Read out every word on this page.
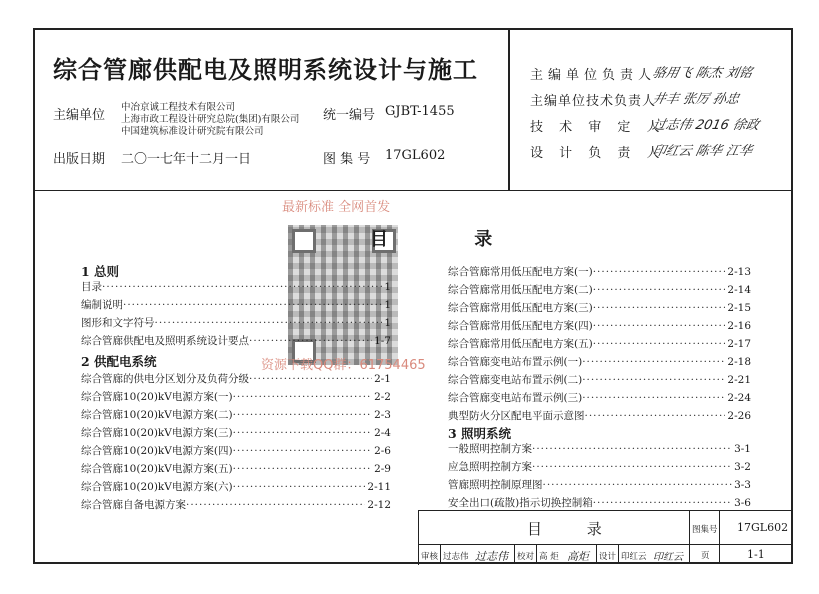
综合管廊供配电及照明系统设计与施工
主编单位
中冶京诚工程技术有限公司
上海市政工程设计研究总院(集团)有限公司
中国建筑标准设计研究院有限公司
出版日期 二〇一七年十二月一日
统一编号 GJBT-1455
图 集 号 17GL602
主编单位负责人
骆用飞 陈杰 刘铭
主编单位技术负责人
井丰 张厉 孙忠
技 术 审 定 人
过志伟 2016 徐政
设 计 负 责 人
印红云 陈华 江华
最新标准 全网首发
目 录
1 总则
目录 ·····	1
编制说明 ·····	1
图形和文字符号 ·····	1
综合管廊供配电及照明系统设计要点 ·····	1-7
2 供配电系统	资源下载QQ群：61754465
综合管廊的供电分区划分及负荷分级 ·····	2-1
综合管廊10(20)kV电源方案(一) ·····	2-2
综合管廊10(20)kV电源方案(二) ·····	2-3
综合管廊10(20)kV电源方案(三) ·····	2-4
综合管廊10(20)kV电源方案(四) ·····	2-6
综合管廊10(20)kV电源方案(五) ·····	2-9
综合管廊10(20)kV电源方案(六) ·····	2-11
综合管廊自备电源方案 ·····	2-12
综合管廊常用低压配电方案(一) ·····	2-13
综合管廊常用低压配电方案(二) ·····	2-14
综合管廊常用低压配电方案(三) ·····	2-15
综合管廊常用低压配电方案(四) ·····	2-16
综合管廊常用低压配电方案(五) ·····	2-17
综合管廊变电站布置示例(一) ·····	2-18
综合管廊变电站布置示例(二) ·····	2-21
综合管廊变电站布置示例(三) ·····	2-24
典型防火分区配电平面示意图 ·····	2-26
3 照明系统
一般照明控制方案 ·····	3-1
应急照明控制方案 ·····	3-2
管廊照明控制原理图 ·····	3-3
安全出口(疏散)指示切换控制箱 ·····	3-6
目 录	图集号 17GL602
页	1-1
审核 过志伟 过志伟 校对 高 炬 高炬 设计 印红云 印红云
